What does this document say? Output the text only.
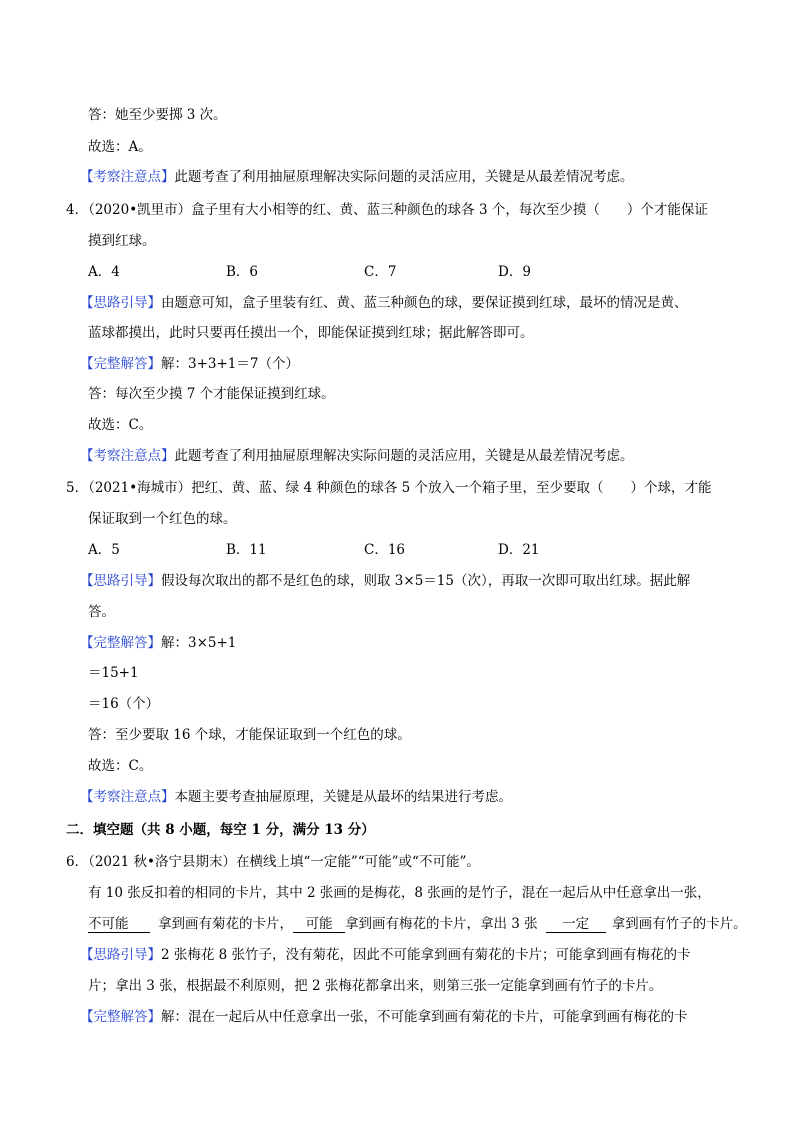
答：她至少要掷 3 次。
故选：A。
【考察注意点】此题考查了利用抽屉原理解决实际问题的灵活应用，关键是从最差情况考虑。
4．（2020•凯里市）盒子里有大小相等的红、黄、蓝三种颜色的球各 3 个，每次至少摸（　　）个才能保证
摸到红球。
A．4	B．6	C．7	D．9
【思路引导】由题意可知，盒子里装有红、黄、蓝三种颜色的球，要保证摸到红球，最坏的情况是黄、
蓝球都摸出，此时只要再任摸出一个，即能保证摸到红球；据此解答即可。
【完整解答】解：3+3+1＝7（个）
答：每次至少摸 7 个才能保证摸到红球。
故选：C。
【考察注意点】此题考查了利用抽屉原理解决实际问题的灵活应用，关键是从最差情况考虑。
5．（2021•海城市）把红、黄、蓝、绿 4 种颜色的球各 5 个放入一个箱子里，至少要取（　　）个球，才能
保证取到一个红色的球。
A．5	B．11	C．16	D．21
【思路引导】假设每次取出的都不是红色的球，则取 3×5＝15（次），再取一次即可取出红球。据此解
答。
【完整解答】解：3×5+1
＝15+1
＝16（个）
答：至少要取 16 个球，才能保证取到一个红色的球。
故选：C。
【考察注意点】本题主要考查抽屉原理，关键是从最坏的结果进行考虑。
二．填空题（共 8 小题，每空 1 分，满分 13 分）
6．（2021 秋•洛宁县期末）在横线上填“一定能”“可能”或“不可能”。
有 10 张反扣着的相同的卡片，其中 2 张画的是梅花，8 张画的是竹子，混在一起后从中任意拿出一张，
不可能 拿到画有菊花的卡片， 可能 拿到画有梅花的卡片，拿出 3 张 一定 拿到画有竹子的卡片。
【思路引导】2 张梅花 8 张竹子，没有菊花，因此不可能拿到画有菊花的卡片；可能拿到画有梅花的卡
片；拿出 3 张，根据最不利原则，把 2 张梅花都拿出来，则第三张一定能拿到画有竹子的卡片。
【完整解答】解：混在一起后从中任意拿出一张，不可能拿到画有菊花的卡片，可能拿到画有梅花的卡
